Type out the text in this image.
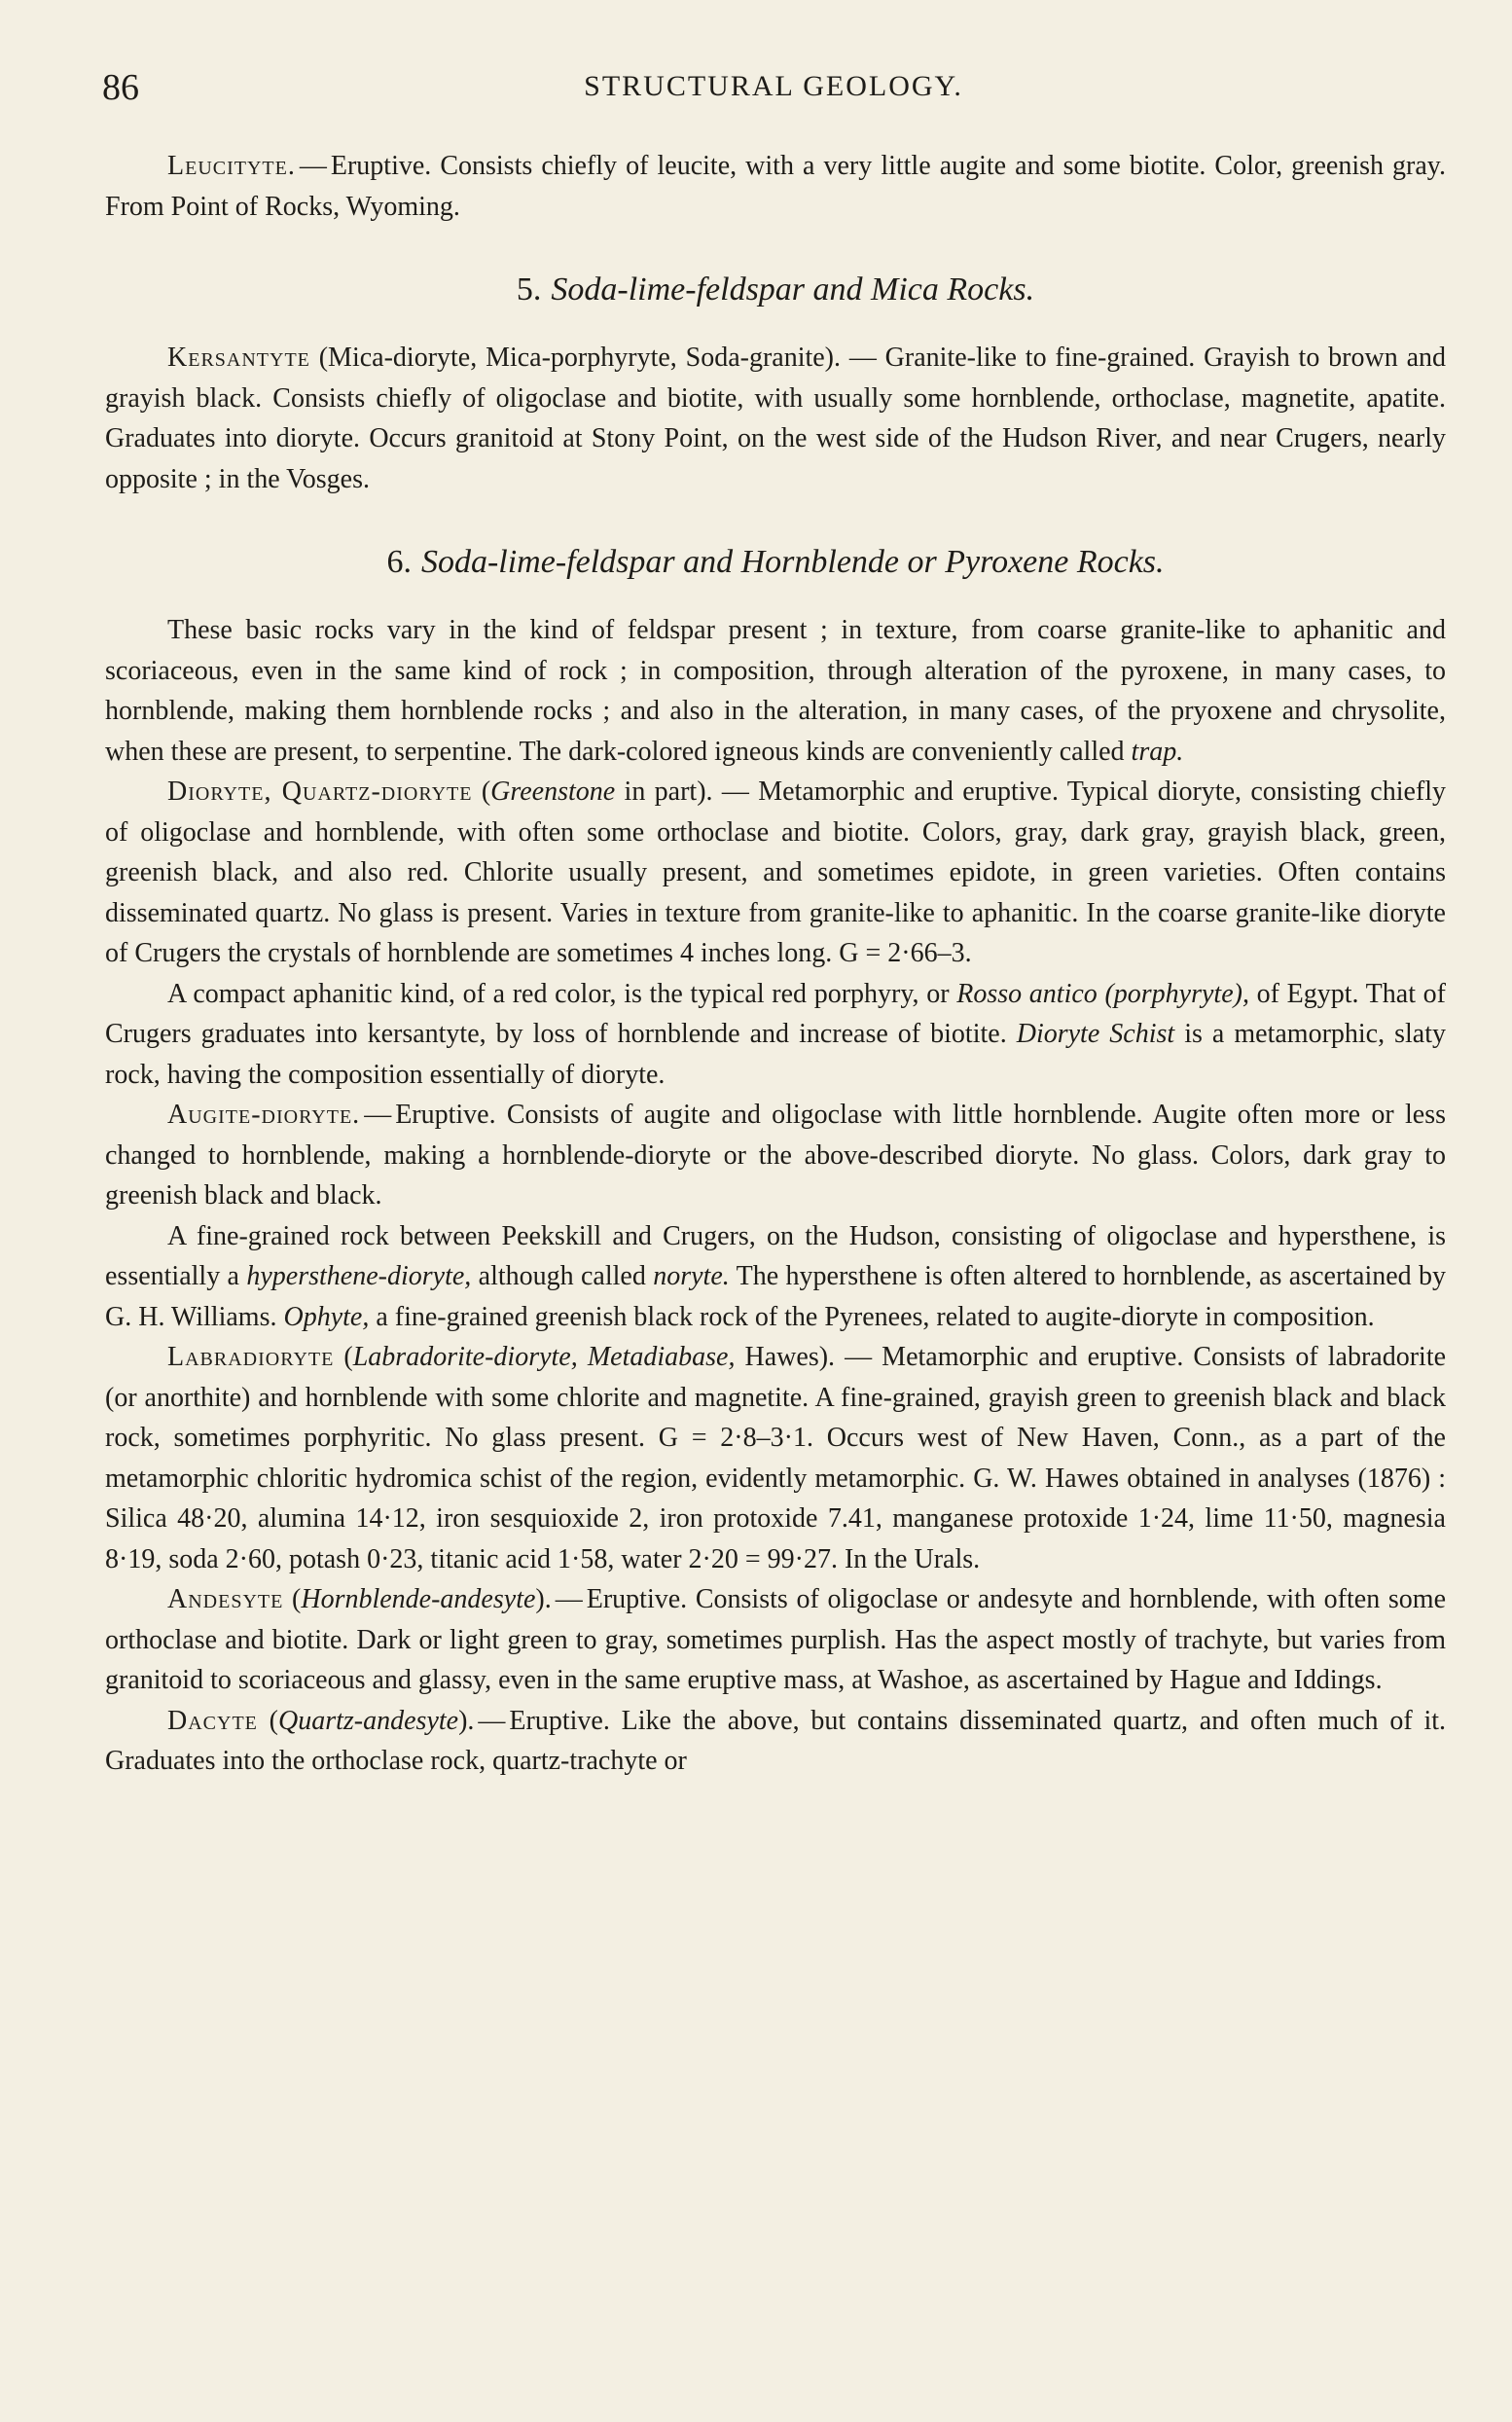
86	STRUCTURAL GEOLOGY.

Leucityte. — Eruptive. Consists chiefly of leucite, with a very little augite and some biotite. Color, greenish gray. From Point of Rocks, Wyoming.

5. Soda-lime-feldspar and Mica Rocks.

Kersantyte (Mica-dioryte, Mica-porphyryte, Soda-granite). — Granite-like to fine-grained. Grayish to brown and grayish black. Consists chiefly of oligoclase and biotite, with usually some hornblende, orthoclase, magnetite, apatite. Graduates into dioryte. Occurs granitoid at Stony Point, on the west side of the Hudson River, and near Crugers, nearly opposite ; in the Vosges.

6. Soda-lime-feldspar and Hornblende or Pyroxene Rocks.

These basic rocks vary in the kind of feldspar present ; in texture, from coarse granite-like to aphanitic and scoriaceous, even in the same kind of rock ; in composition, through alteration of the pyroxene, in many cases, to hornblende, making them hornblende rocks ; and also in the alteration, in many cases, of the pryoxene and chrysolite, when these are present, to serpentine. The dark-colored igneous kinds are conveniently called trap.

Dioryte, Quartz-dioryte (Greenstone in part). — Metamorphic and eruptive. Typical dioryte, consisting chiefly of oligoclase and hornblende, with often some orthoclase and biotite. Colors, gray, dark gray, grayish black, green, greenish black, and also red. Chlorite usually present, and sometimes epidote, in green varieties. Often contains disseminated quartz. No glass is present. Varies in texture from granite-like to aphanitic. In the coarse granite-like dioryte of Crugers the crystals of hornblende are sometimes 4 inches long. G = 2·66–3.

A compact aphanitic kind, of a red color, is the typical red porphyry, or Rosso antico (porphyryte), of Egypt. That of Crugers graduates into kersantyte, by loss of hornblende and increase of biotite. Dioryte Schist is a metamorphic, slaty rock, having the composition essentially of dioryte.

Augite-dioryte. — Eruptive. Consists of augite and oligoclase with little hornblende. Augite often more or less changed to hornblende, making a hornblende-dioryte or the above-described dioryte. No glass. Colors, dark gray to greenish black and black.

A fine-grained rock between Peekskill and Crugers, on the Hudson, consisting of oligoclase and hypersthene, is essentially a hypersthene-dioryte, although called noryte. The hypersthene is often altered to hornblende, as ascertained by G. H. Williams. Ophyte, a fine-grained greenish black rock of the Pyrenees, related to augite-dioryte in composition.

Labradioryte (Labradorite-dioryte, Metadiabase, Hawes). — Metamorphic and eruptive. Consists of labradorite (or anorthite) and hornblende with some chlorite and magnetite. A fine-grained, grayish green to greenish black and black rock, sometimes porphyritic. No glass present. G = 2·8–3·1. Occurs west of New Haven, Conn., as a part of the metamorphic chloritic hydromica schist of the region, evidently metamorphic. G. W. Hawes obtained in analyses (1876) : Silica 48·20, alumina 14·12, iron sesquioxide 2, iron protoxide 7.41, manganese protoxide 1·24, lime 11·50, magnesia 8·19, soda 2·60, potash 0·23, titanic acid 1·58, water 2·20 = 99·27. In the Urals.

Andesyte (Hornblende-andesyte). — Eruptive. Consists of oligoclase or andesyte and hornblende, with often some orthoclase and biotite. Dark or light green to gray, sometimes purplish. Has the aspect mostly of trachyte, but varies from granitoid to scoriaceous and glassy, even in the same eruptive mass, at Washoe, as ascertained by Hague and Iddings.

Dacyte (Quartz-andesyte). — Eruptive. Like the above, but contains disseminated quartz, and often much of it. Graduates into the orthoclase rock, quartz-trachyte or
